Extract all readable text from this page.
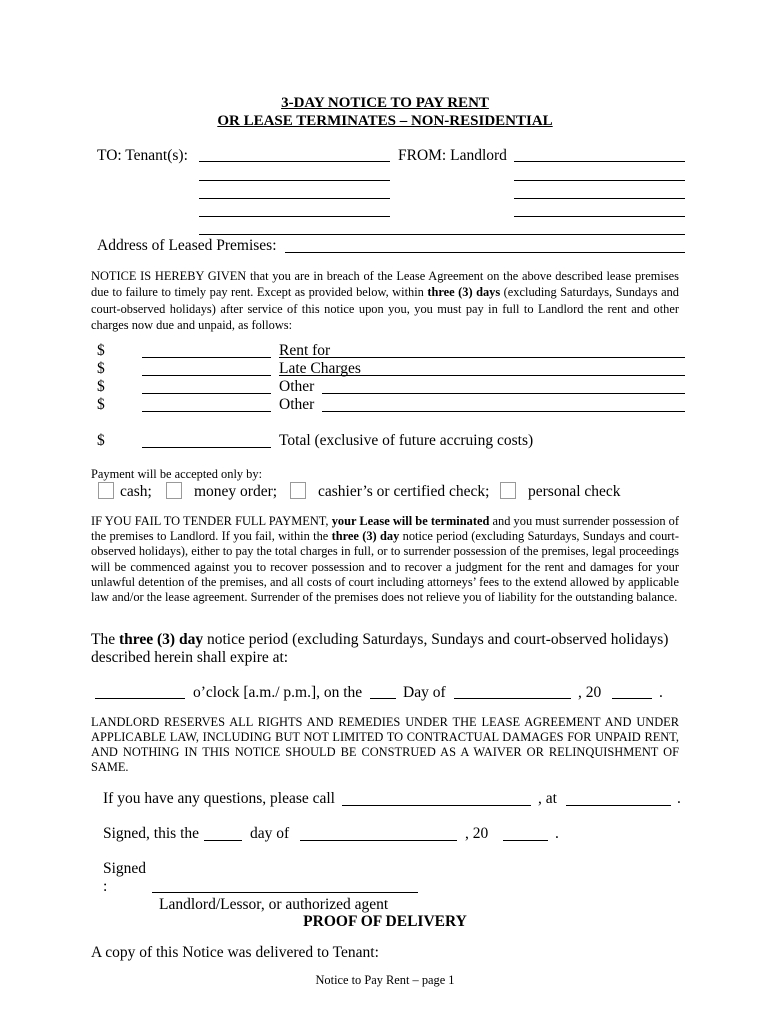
3-DAY NOTICE TO PAY RENT
OR LEASE TERMINATES – NON-RESIDENTIAL
TO: Tenant(s):	FROM: Landlord
Address of Leased Premises:
NOTICE IS HEREBY GIVEN that you are in breach of the Lease Agreement on the above described lease premises due to failure to timely pay rent. Except as provided below, within three (3) days (excluding Saturdays, Sundays and court-observed holidays) after service of this notice upon you, you must pay in full to Landlord the rent and other charges now due and unpaid, as follows:
$	Rent for
$	Late Charges
$	Other
$	Other
$	Total (exclusive of future accruing costs)
Payment will be accepted only by:
cash;	money order;	cashier’s or certified check; personal check
IF YOU FAIL TO TENDER FULL PAYMENT, your Lease will be terminated and you must surrender possession of the premises to Landlord. If you fail, within the three (3) day notice period (excluding Saturdays, Sundays and court-observed holidays), either to pay the total charges in full, or to surrender possession of the premises, legal proceedings will be commenced against you to recover possession and to recover a judgment for the rent and damages for your unlawful detention of the premises, and all costs of court including attorneys’ fees to the extend allowed by applicable law and/or the lease agreement. Surrender of the premises does not relieve you of liability for the outstanding balance.
The three (3) day notice period (excluding Saturdays, Sundays and court-observed holidays) described herein shall expire at:
o’clock [a.m./ p.m.], on the	Day of	, 20	.
LANDLORD RESERVES ALL RIGHTS AND REMEDIES UNDER THE LEASE AGREEMENT AND UNDER APPLICABLE LAW, INCLUDING BUT NOT LIMITED TO CONTRACTUAL DAMAGES FOR UNPAID RENT, AND NOTHING IN THIS NOTICE SHOULD BE CONSTRUED AS A WAIVER OR RELINQUISHMENT OF SAME.
If you have any questions, please call	, at	.
Signed, this the	day of	, 20	.
Signed
:
Landlord/Lessor, or authorized agent
PROOF OF DELIVERY
A copy of this Notice was delivered to Tenant:
Notice to Pay Rent – page 1
